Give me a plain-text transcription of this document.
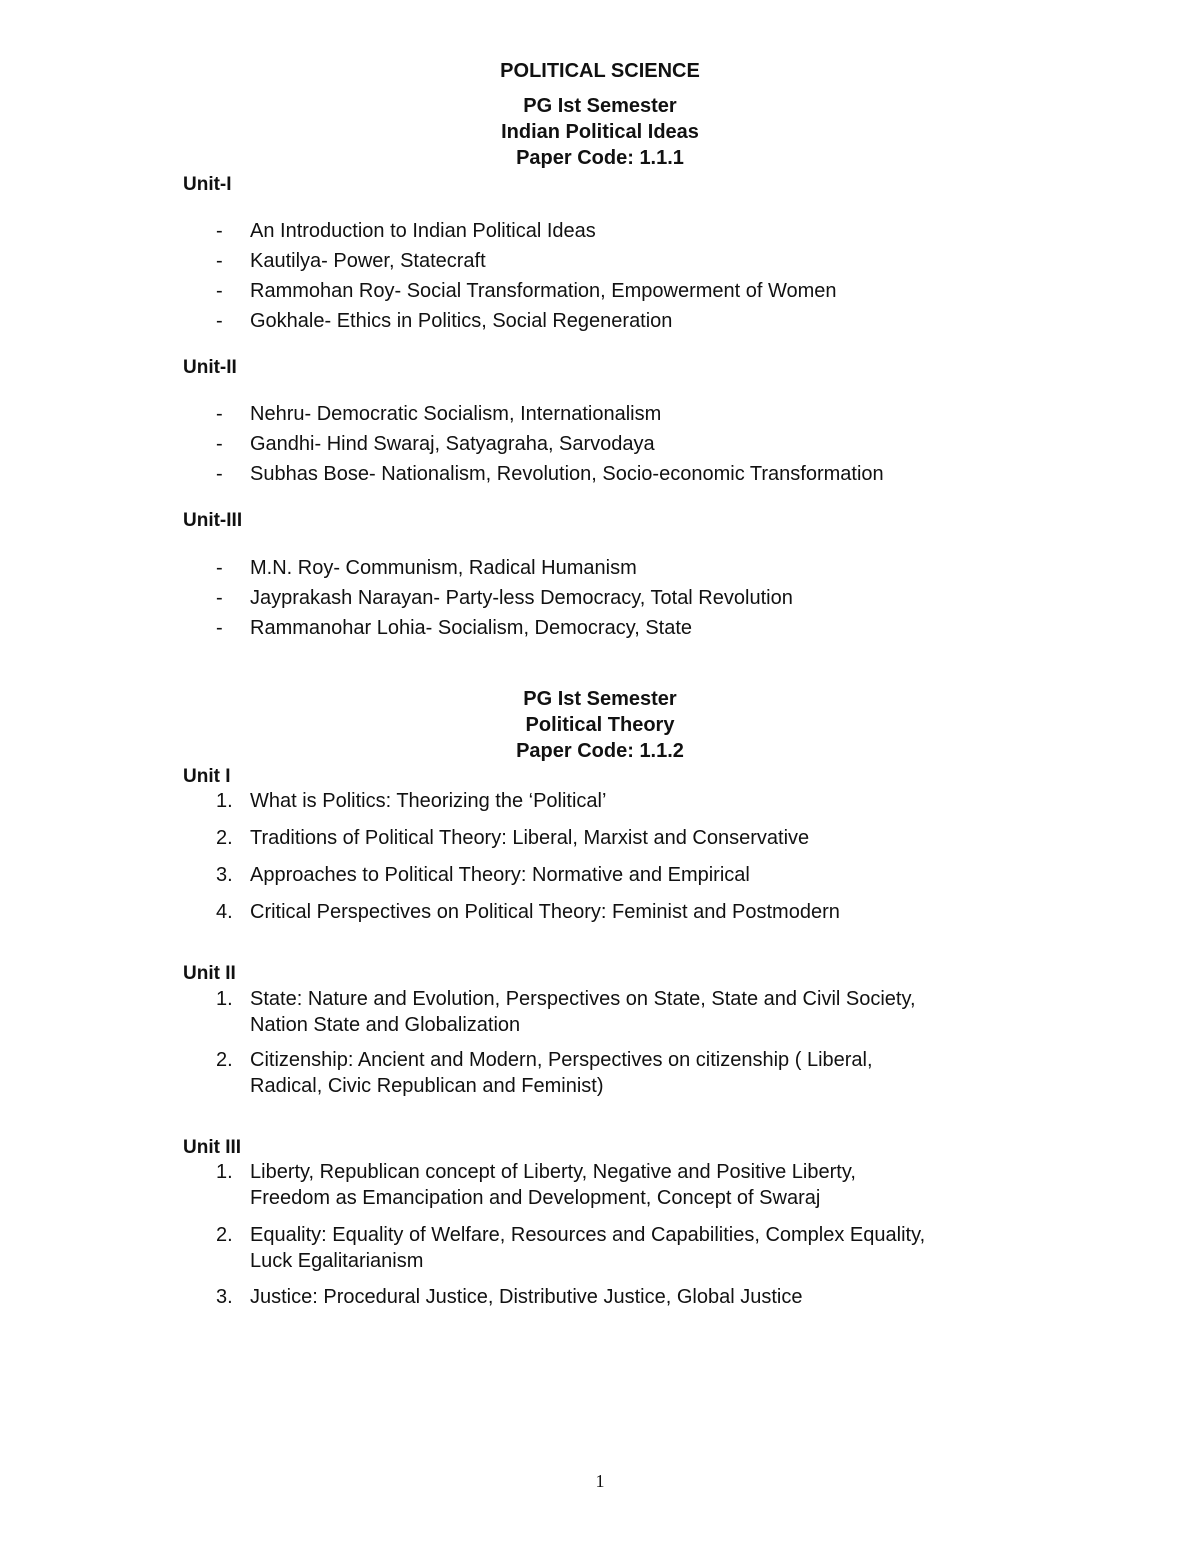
POLITICAL SCIENCE
PG Ist Semester
Indian Political Ideas
Paper Code: 1.1.1
Unit-I
- An Introduction to Indian Political Ideas
- Kautilya- Power, Statecraft
- Rammohan Roy- Social Transformation, Empowerment of Women
- Gokhale- Ethics in Politics, Social Regeneration
Unit-II
- Nehru- Democratic Socialism, Internationalism
- Gandhi- Hind Swaraj, Satyagraha, Sarvodaya
- Subhas Bose- Nationalism, Revolution, Socio-economic Transformation
Unit-III
- M.N. Roy- Communism, Radical Humanism
- Jayprakash Narayan- Party-less Democracy, Total Revolution
- Rammanohar Lohia- Socialism, Democracy, State
PG Ist Semester
Political Theory
Paper Code: 1.1.2
Unit I
1. What is Politics: Theorizing the ‘Political’
2. Traditions of Political Theory: Liberal, Marxist and Conservative
3. Approaches to Political Theory: Normative and Empirical
4. Critical Perspectives on Political Theory: Feminist and Postmodern
Unit II
1. State: Nature and Evolution, Perspectives on State, State and Civil Society,
Nation State and Globalization
2. Citizenship: Ancient and Modern, Perspectives on citizenship ( Liberal,
Radical, Civic Republican and Feminist)
Unit III
1. Liberty, Republican concept of Liberty, Negative and Positive Liberty,
Freedom as Emancipation and Development, Concept of Swaraj
2. Equality: Equality of Welfare, Resources and Capabilities, Complex Equality,
Luck Egalitarianism
3. Justice: Procedural Justice, Distributive Justice, Global Justice
1
